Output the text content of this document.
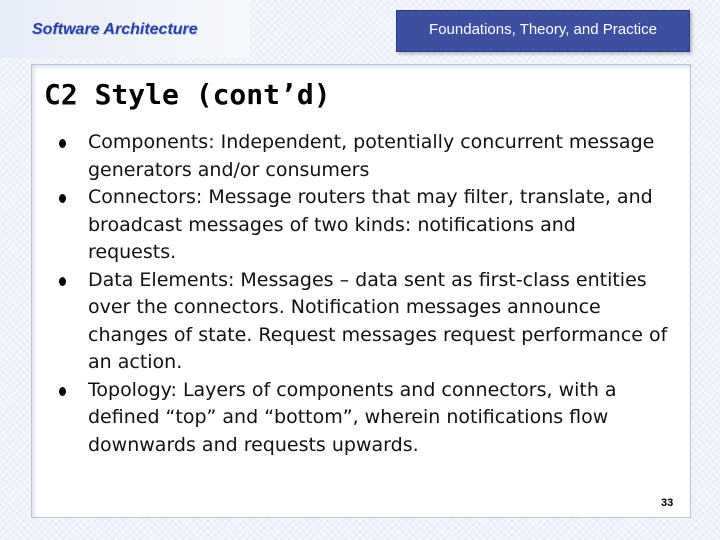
Software Architecture	Foundations, Theory, and Practice
C2 Style (cont’d)
Components: Independent, potentially concurrent message generators and/or consumers
Connectors: Message routers that may filter, translate, and broadcast messages of two kinds: notifications and requests.
Data Elements: Messages – data sent as first-class entities over the connectors. Notification messages announce changes of state. Request messages request performance of an action.
Topology: Layers of components and connectors, with a defined “top” and “bottom”, wherein notifications flow downwards and requests upwards.
33
